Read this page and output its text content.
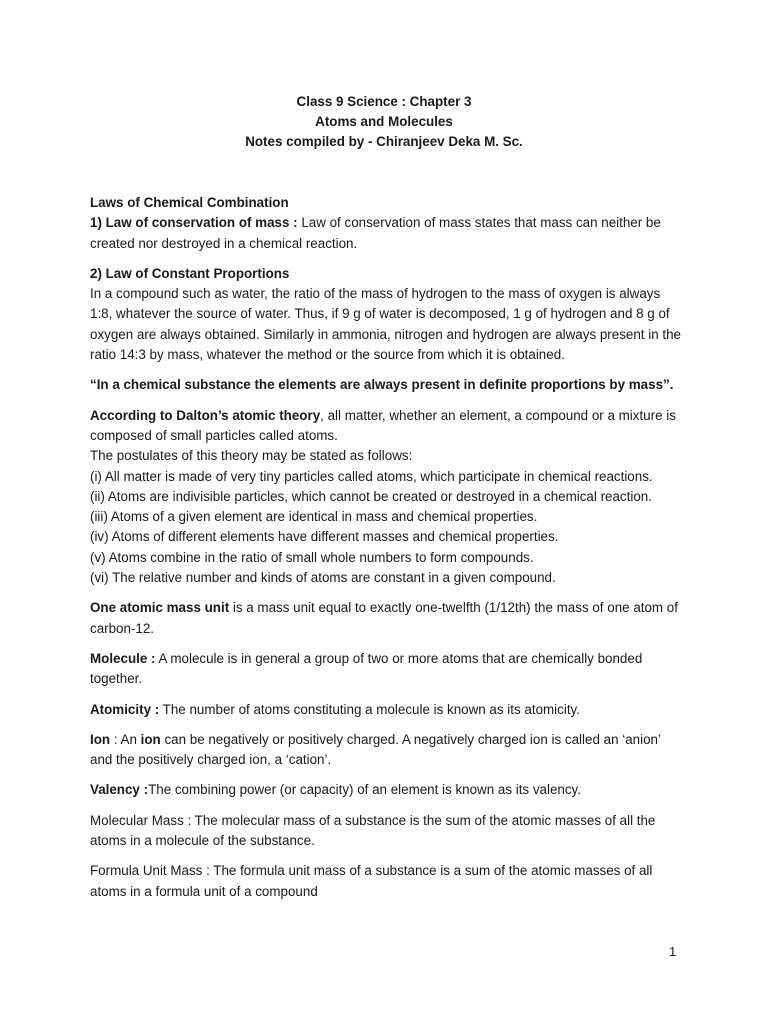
Class 9 Science : Chapter 3
Atoms and Molecules
Notes compiled by - Chiranjeev Deka M. Sc.

Laws of Chemical Combination

1) Law of conservation of mass : Law of conservation of mass states that mass can neither be created nor destroyed in a chemical reaction.

2) Law of Constant Proportions

In a compound such as water, the ratio of the mass of hydrogen to the mass of oxygen is always 1:8, whatever the source of water. Thus, if 9 g of water is decomposed, 1 g of hydrogen and 8 g of oxygen are always obtained. Similarly in ammonia, nitrogen and hydrogen are always present in the ratio 14:3 by mass, whatever the method or the source from which it is obtained.

“In a chemical substance the elements are always present in definite proportions by mass”.

According to Dalton’s atomic theory, all matter, whether an element, a compound or a mixture is composed of small particles called atoms.

The postulates of this theory may be stated as follows:

(i) All matter is made of very tiny particles called atoms, which participate in chemical reactions.

(ii) Atoms are indivisible particles, which cannot be created or destroyed in a chemical reaction.

(iii) Atoms of a given element are identical in mass and chemical properties.

(iv) Atoms of different elements have different masses and chemical properties.

(v) Atoms combine in the ratio of small whole numbers to form compounds.

(vi) The relative number and kinds of atoms are constant in a given compound.

One atomic mass unit is a mass unit equal to exactly one-twelfth (1/12th) the mass of one atom of carbon-12.

Molecule : A molecule is in general a group of two or more atoms that are chemically bonded together.

Atomicity : The number of atoms constituting a molecule is known as its atomicity.

Ion : An ion can be negatively or positively charged. A negatively charged ion is called an ‘anion’ and the positively charged ion, a ‘cation’.

Valency :The combining power (or capacity) of an element is known as its valency.

Molecular Mass : The molecular mass of a substance is the sum of the atomic masses of all the atoms in a molecule of the substance.

Formula Unit Mass : The formula unit mass of a substance is a sum of the atomic masses of all atoms in a formula unit of a compound

1
